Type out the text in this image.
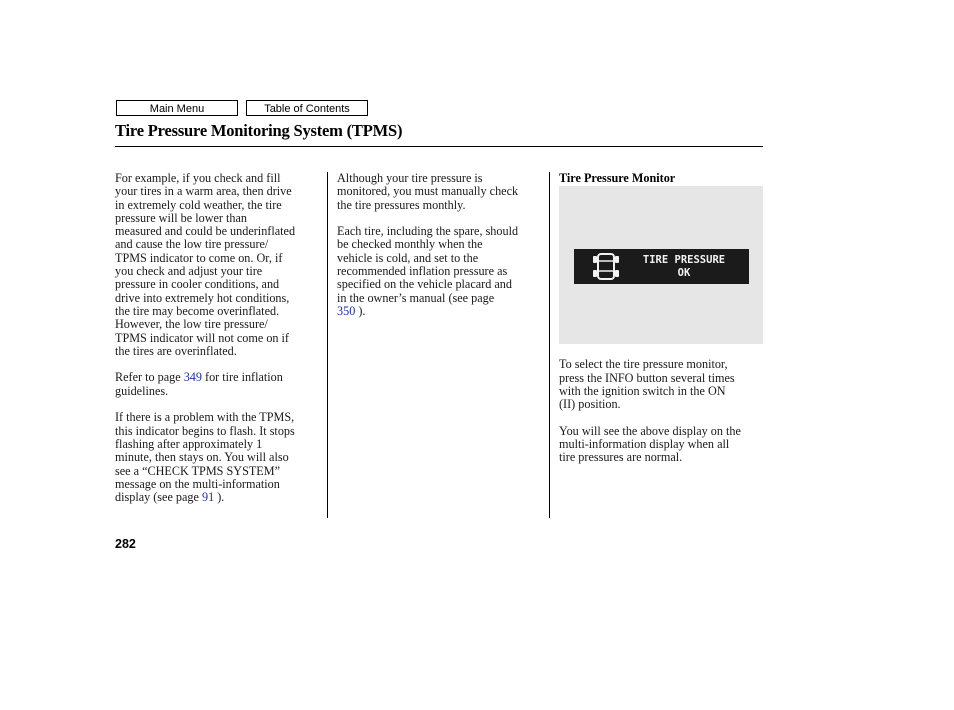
Main Menu	Table of Contents
Tire Pressure Monitoring System (TPMS)

For example, if you check and fill
your tires in a warm area, then drive
in extremely cold weather, the tire
pressure will be lower than
measured and could be underinflated
and cause the low tire pressure/
TPMS indicator to come on. Or, if
you check and adjust your tire
pressure in cooler conditions, and
drive into extremely hot conditions,
the tire may become overinflated.
However, the low tire pressure/
TPMS indicator will not come on if
the tires are overinflated.

Refer to page 349 for tire inflation
guidelines.

If there is a problem with the TPMS,
this indicator begins to flash. It stops
flashing after approximately 1
minute, then stays on. You will also
see a “CHECK TPMS SYSTEM”
message on the multi-information
display (see page 91 ).

Although your tire pressure is
monitored, you must manually check
the tire pressures monthly.

Each tire, including the spare, should
be checked monthly when the
vehicle is cold, and set to the
recommended inflation pressure as
specified on the vehicle placard and
in the owner’s manual (see page
350 ).

Tire Pressure Monitor
TIRE PRESSURE
OK

To select the tire pressure monitor,
press the INFO button several times
with the ignition switch in the ON
(II) position.

You will see the above display on the
multi-information display when all
tire pressures are normal.

282
